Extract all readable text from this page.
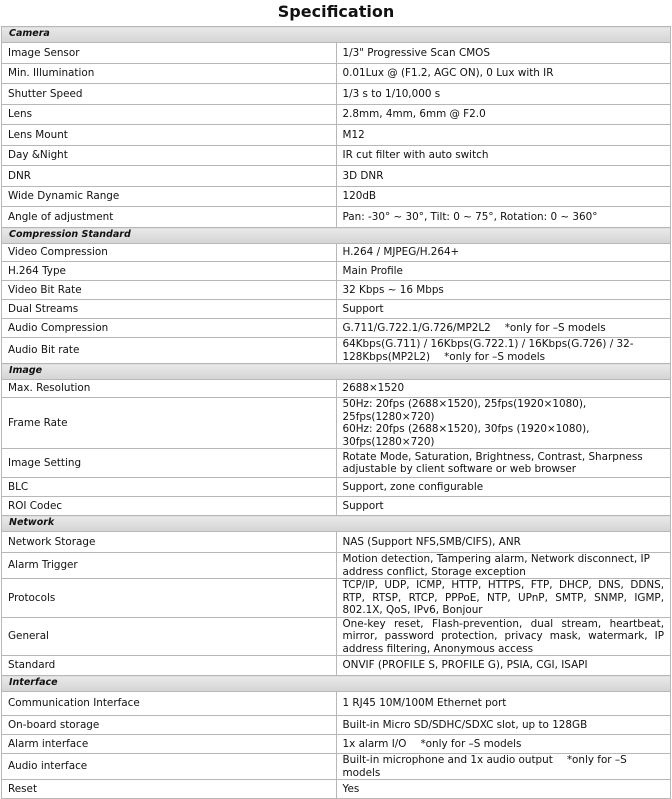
Specification
Camera	
Image Sensor	1/3" Progressive Scan CMOS
Min. Illumination	0.01Lux @ (F1.2, AGC ON), 0 Lux with IR
Shutter Speed	1/3 s to 1/10,000 s
Lens	2.8mm, 4mm, 6mm @ F2.0
Lens Mount	M12
Day &Night	IR cut filter with auto switch
DNR	3D DNR
Wide Dynamic Range	120dB
Angle of adjustment	Pan: -30° ~ 30°, Tilt: 0 ~ 75°, Rotation: 0 ~ 360°
Compression Standard	
Video Compression	H.264 / MJPEG/H.264+
H.264 Type	Main Profile
Video Bit Rate	32 Kbps ~ 16 Mbps
Dual Streams	Support
Audio Compression	G.711/G.722.1/G.726/MP2L2 *only for –S models
Audio Bit rate	64Kbps(G.711) / 16Kbps(G.722.1) / 16Kbps(G.726) / 32-128Kbps(MP2L2) *only for –S models
Image	
Max. Resolution	2688×1520
Frame Rate	50Hz: 20fps (2688×1520), 25fps(1920×1080), 25fps(1280×720)
60Hz: 20fps (2688×1520), 30fps (1920×1080), 30fps(1280×720)
Image Setting	Rotate Mode, Saturation, Brightness, Contrast, Sharpness adjustable by client software or web browser
BLC	Support, zone configurable
ROI Codec	Support
Network	
Network Storage	NAS (Support NFS,SMB/CIFS), ANR
Alarm Trigger	Motion detection, Tampering alarm, Network disconnect, IP address conflict, Storage exception
Protocols	TCP/IP, UDP, ICMP, HTTP, HTTPS, FTP, DHCP, DNS, DDNS, RTP, RTSP, RTCP, PPPoE, NTP, UPnP, SMTP, SNMP, IGMP, 802.1X, QoS, IPv6, Bonjour
General	One-key reset, Flash-prevention, dual stream, heartbeat, mirror, password protection, privacy mask, watermark, IP address filtering, Anonymous access
Standard	ONVIF (PROFILE S, PROFILE G), PSIA, CGI, ISAPI
Interface	
Communication Interface	1 RJ45 10M/100M Ethernet port
On-board storage	Built-in Micro SD/SDHC/SDXC slot, up to 128GB
Alarm interface	1x alarm I/O *only for –S models
Audio interface	Built-in microphone and 1x audio output *only for –S models
Reset	Yes
